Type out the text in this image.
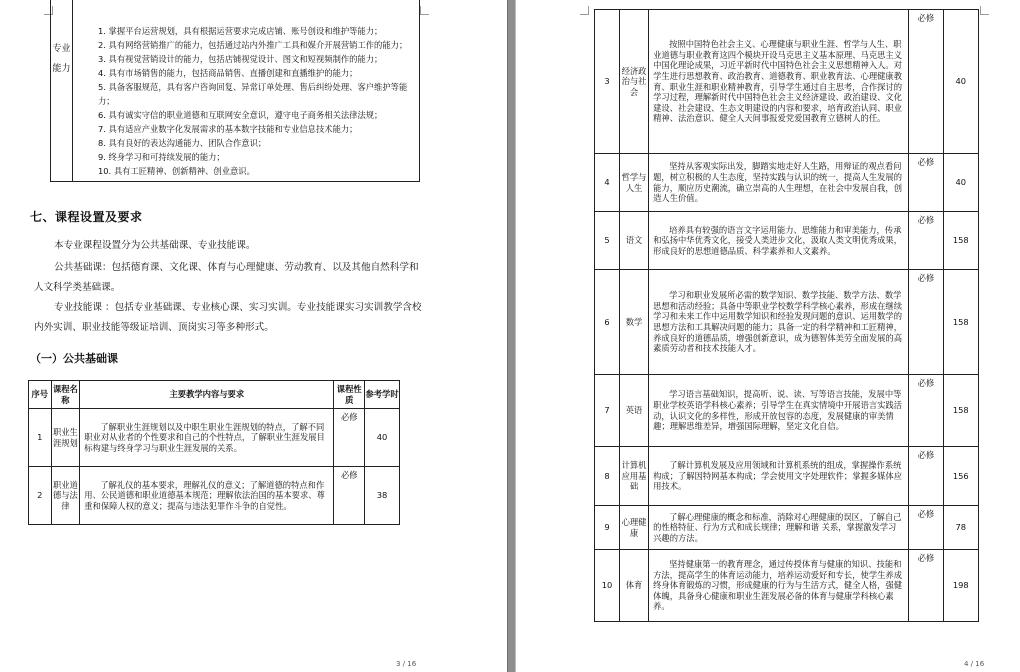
专业能力	
1. 掌握平台运营规划，具有根据运营要求完成店铺、账号创设和维护等能力；
2. 具有网络营销推广的能力，包括通过站内外推广工具和媒介开展营销工作的能力；
3. 具有视觉营销设计的能力，包括店铺视觉设计、图文和短视频制作的能力；
4. 具有市场销售的能力，包括商品销售、直播创建和直播维护的能力；
5. 具备客服规范，具有客户咨询回复、异常订单处理、售后纠纷处理、客户维护等能力；
6. 具有诚实守信的职业道德和互联网安全意识，遵守电子商务相关法律法规；
7. 具有适应产业数字化发展需求的基本数字技能和专业信息技术能力；
8. 具有良好的表达沟通能力、团队合作意识；
9. 终身学习和可持续发展的能力；
10. 具有工匠精神、创新精神、创业意识。
七、课程设置及要求

本专业课程设置分为公共基础课、专业技能课。

公共基础课：包括德育课、文化课、体育与心理健康、劳动教育、以及其他自然科学和人文科学类基础课。

专业技能课 ：包括专业基础课、专业核心课、实习实训。专业技能课实习实训教学含校内外实训、职业技能等级证培训、顶岗实习等多种形式。

（一）公共基础课
序号	课程名称	主要教学内容与要求	课程性质	参考学时
1	职业生涯规划	了解职业生涯规划以及中职生职业生涯规划的特点，了解不同职业对从业者的个性要求和自己的个性特点，了解职业生涯发展目标构建与终身学习与职业生涯发展的关系。	必修	40
2	职业道德与法律	了解礼仪的基本要求，理解礼仪的意义；了解道德的特点和作用、公民道德和职业道德基本规范；理解依法治国的基本要求、尊重和保障人权的意义；提高与违法犯罪作斗争的自觉性。	必修	38
3 / 16
3	经济政治与社会	按照中国特色社会主义、心理健康与职业生涯、哲学与人生、职业道德与职业教育这四个模块开设马克思主义基本原理、马克思主义中国化理论成果，习近平新时代中国特色社会主义思想精神入人。对学生进行思想教育、政治教育、道德教育、职业教育法、心理健康教育、职业生涯和职业精神教育，引导学生通过自主思考，合作探讨的学习过程，理解新时代中国特色社会主义经济建设、政治建设、文化建设、社会建设、生态文明建设的内容和要求，培育政治认同、职业精神、法治意识、健全人天间事报爱党爱国教育立德树人的任。	必修	40
4	哲学与人生	坚持从客观实际出发，脚踏实地走好人生路，用辩证的观点看问题，树立积极的人生态度，坚持实践与认识的统一，提高人生发展的能力，顺应历史潮流，确立崇高的人生理想，在社会中发展自我，创造人生价值。	必修	40
5	语文	培养具有较强的语言文字运用能力、思维能力和审美能力，传承和弘扬中华优秀文化，接受人类进步文化，汲取人类文明优秀成果，形成良好的思想道德品质、科学素养和人文素养。	必修	158
6	数学	学习和职业发展所必需的数学知识、数学技能、数学方法、数学思想和活动经验；具备中等职业学校数学科学核心素养，形成在继续学习和未来工作中运用数学知识和经验发现问题的意识、运用数学的思想方法和工具解决问题的能力；具备一定的科学精神和工匠精神，养成良好的道德品质，增强创新意识，成为德智体美劳全面发展的高素质劳动者和技术技能人才。	必修	158
7	英语	学习语言基础知识，提高听、说、读、写等语言技能，发展中等职业学校英语学科核心素养；引导学生在真实情境中开展语言实践活动，认识文化的多样性，形成开放包容的态度，发展健康的审美情趣；理解思维差异，增强国际理解，坚定文化自信。	必修	158
8	计算机应用基础	了解计算机发展及应用领域和计算机系统的组成，掌握操作系统构成；了解因特网基本构成；学会使用文字处理软件；掌握多媒体应用技术。	必修	156
9	心理健康	了解心理健康的概念和标准，消除对心理健康的误区，了解自己的性格特征、行为方式和成长规律；理解和谐 关系，掌握激发学习兴趣的方法。	必修	78
10	体育	坚持健康第一的教育理念，通过传授体育与健康的知识、技能和方法，提高学生的体育运动能力，培养运动爱好和专长，使学生养成终身体育锻炼的习惯，形成健康的行为与生活方式，健全人格，强健体魄，具备身心健康和职业生涯发展必备的体育与健康学科核心素养。	必修	198
4 / 16
